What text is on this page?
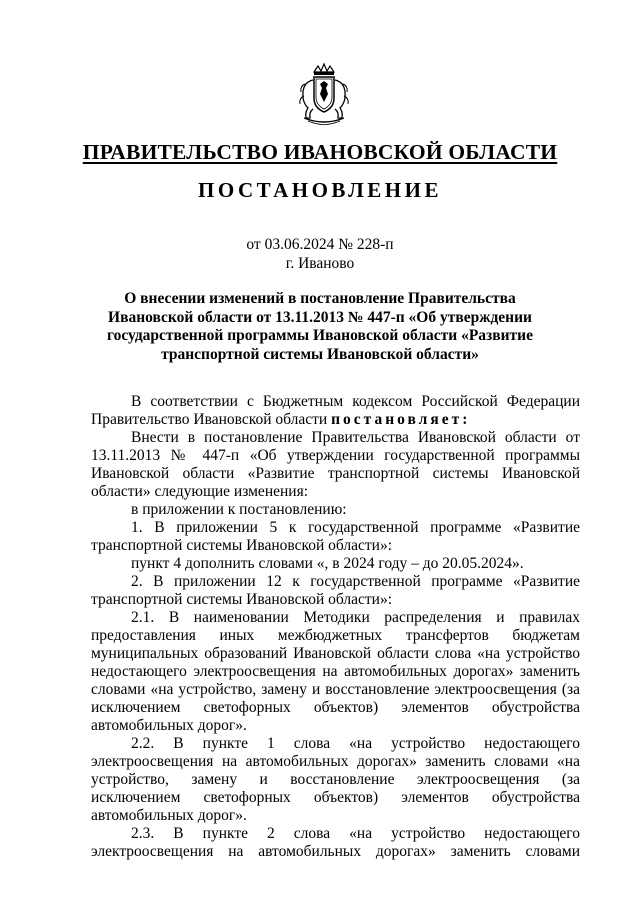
ПРАВИТЕЛЬСТВО ИВАНОВСКОЙ ОБЛАСТИ
ПОСТАНОВЛЕНИЕ
от 03.06.2024 № 228-п
г. Иваново
О внесении изменений в постановление Правительства Ивановской области от 13.11.2013 № 447-п «Об утверждении государственной программы Ивановской области «Развитие транспортной системы Ивановской области»

В соответствии с Бюджетным кодексом Российской Федерации Правительство Ивановской области постановляет:

Внести в постановление Правительства Ивановской области от 13.11.2013 № 447-п «Об утверждении государственной программы Ивановской области «Развитие транспортной системы Ивановской области» следующие изменения:

в приложении к постановлению:

1. В приложении 5 к государственной программе «Развитие транспортной системы Ивановской области»:

пункт 4 дополнить словами «, в 2024 году – до 20.05.2024».

2. В приложении 12 к государственной программе «Развитие транспортной системы Ивановской области»:

2.1. В наименовании Методики распределения и правилах предоставления иных межбюджетных трансфертов бюджетам муниципальных образований Ивановской области слова «на устройство недостающего электроосвещения на автомобильных дорогах» заменить словами «на устройство, замену и восстановление электроосвещения (за исключением светофорных объектов) элементов обустройства автомобильных дорог».

2.2. В пункте 1 слова «на устройство недостающего электроосвещения на автомобильных дорогах» заменить словами «на устройство, замену и восстановление электроосвещения (за исключением светофорных объектов) элементов обустройства автомобильных дорог».

2.3. В пункте 2 слова «на устройство недостающего электроосвещения на автомобильных дорогах» заменить словами
